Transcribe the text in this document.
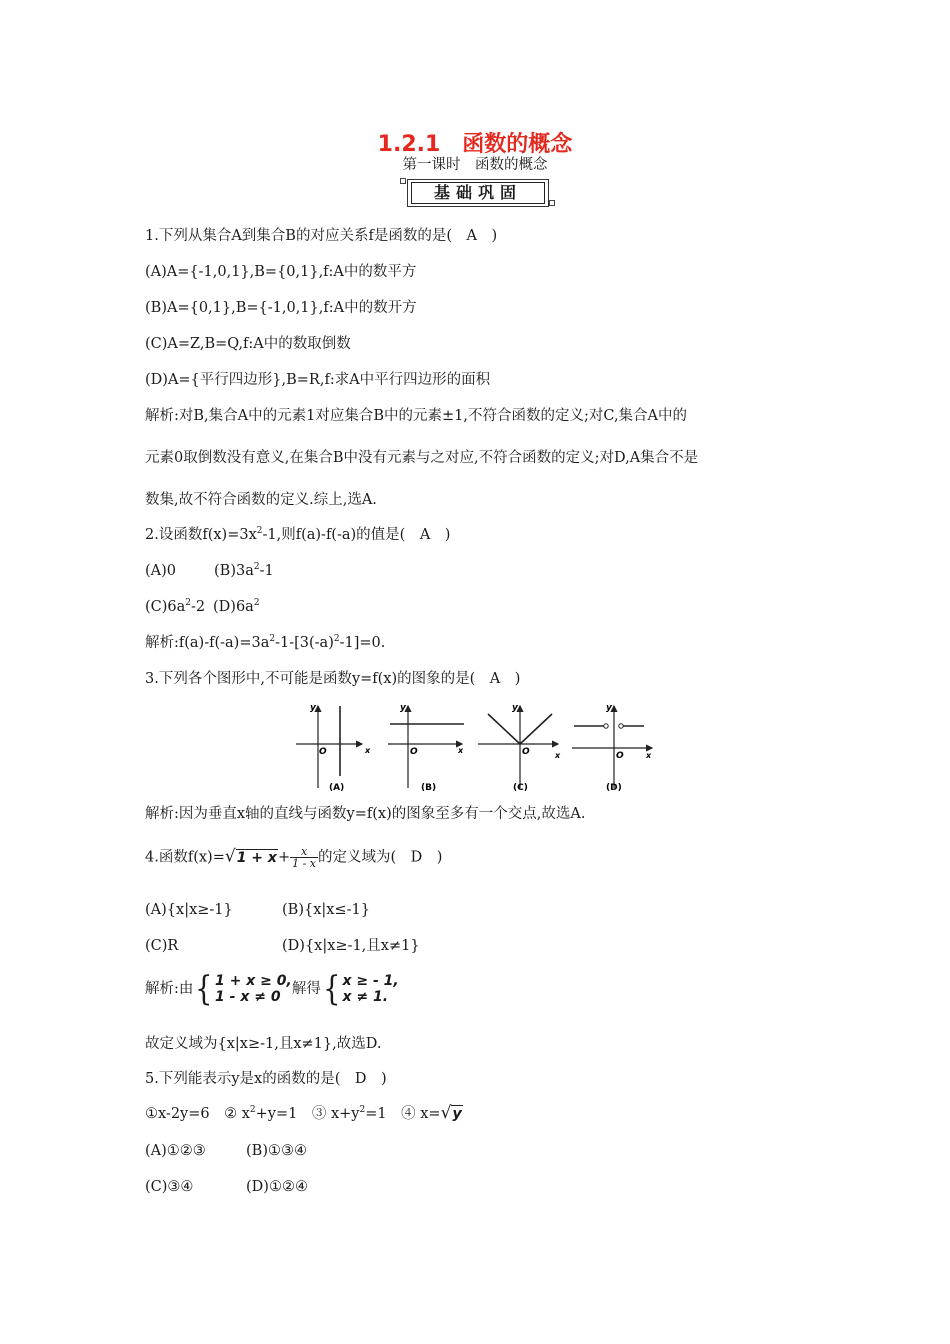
1.2.1　函数的概念
第一课时　函数的概念
基础巩固
1.下列从集合A到集合B的对应关系f是函数的是(　A　)
(A)A={-1,0,1},B={0,1},f:A中的数平方
(B)A={0,1},B={-1,0,1},f:A中的数开方
(C)A=Z,B=Q,f:A中的数取倒数
(D)A={平行四边形},B=R,f:求A中平行四边形的面积
解析:对B,集合A中的元素1对应集合B中的元素±1,不符合函数的定义;对C,集合A中的
元素0取倒数没有意义,在集合B中没有元素与之对应,不符合函数的定义;对D,A集合不是
数集,故不符合函数的定义.综上,选A.
2.设函数$f(x)=3x^2-1$,则f(a)-f(-a)的值是(　A　)
(A)0	$(B)3a^2-1$
$(C)6a^2-2$ $(D)6a^2$
解析$:f(a)-f(-a)=3a^2-1-[3(-a)^2-1]=0$.
3.下列各个图形中,不可能是函数y=f(x)的图象的是(　A　)
y
x
O
(A)
y
x
O
(B)
y
x
O
(C)
y
x
O
(D)
解析:因为垂直x轴的直线与函数y=f(x)的图象至多有一个交点,故选A.
4.函数$f(x)=√1 + x+ \frac{x}{1 - x}$ 的定义域为(　D　)
(A){x|x≥-1}	(B){x|x≤-1}
(C)R	(D){x|x≥-1,且x≠1}
解析:由{ 1 + x ≥ 0,
1 - x ≠ 0 解得{ x ≥ - 1,
x ≠ 1.
故定义域为{x|x≥-1,且x≠1},故选D.
5.下列能表示y是x的函数的是(　D　)
①x-2y=6　 ② $x^2+y=1$　 ③ $x+y^2=1$　 ④ x=√y
(A)①②③	(B)①③④
(C)③④	(D)①②④
